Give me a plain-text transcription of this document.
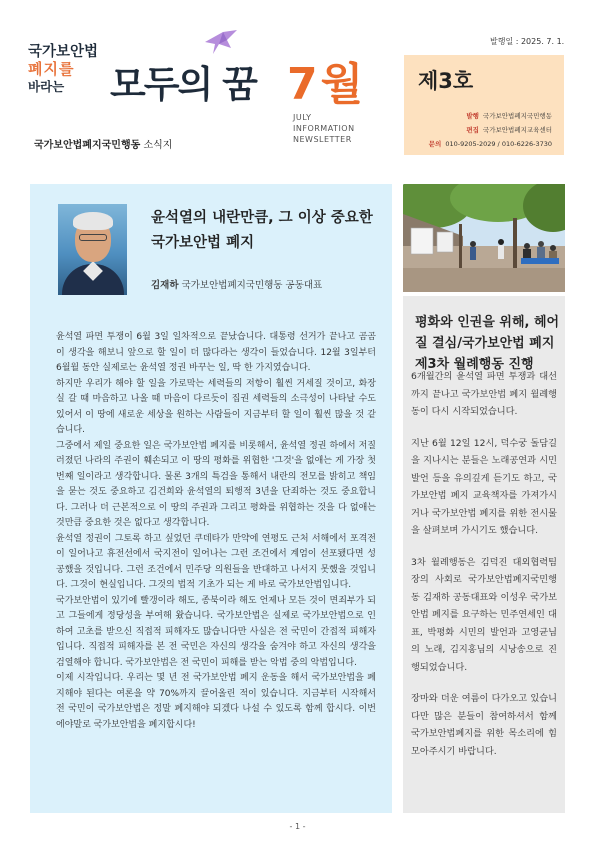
발행일 : 2025. 7. 1.
국가보안법
폐지를
바라는	모두의 꿈 7월
JULY
INFORMATION
NEWSLETTER
국가보안법폐지국민행동 소식지
제3호
발행 국가보안법폐지국민행동
편집 국가보안법폐지교육센터
문의 010-9205-2029 / 010-6226-3730
윤석열의 내란만큼, 그 이상 중요한 국가보안법 폐지
김재하 국가보안법폐지국민행동 공동대표

윤석열 파면 투쟁이 6월 3일 일차적으로 끝났습니다. 대통령 선거가 끝나고 곰곰이 생각을 해보니 앞으로 할 일이 더 많다라는 생각이 들었습니다. 12월 3일부터 6월월 동안 실제로는 윤석열 정권 바꾸는 일, 딱 한 가지였습니다.

하지만 우리가 해야 할 일을 가로막는 세력들의 저항이 훨씬 거세질 것이고, 화장실 갈 때 마음하고 나올 때 마음이 다르듯이 집권 세력들의 소극성이 나타날 수도 있어서 이 땅에 새로운 세상을 원하는 사람들이 지금부터 할 일이 훨씬 많을 것 같습니다.

그중에서 제일 중요한 일은 국가보안법 폐지를 비롯해서, 윤석열 정권 하에서 저질러졌던 나라의 주권이 훼손되고 이 땅의 평화를 위협한 '그것'을 없애는 게 가장 첫 번째 일이라고 생각합니다. 물론 3개의 특검을 통해서 내란의 전모를 밝히고 책임을 묻는 것도 중요하고 김건희와 윤석열의 퇴행적 3년을 단죄하는 것도 중요합니다. 그러나 더 근본적으로 이 땅의 주권과 그리고 평화를 위협하는 것을 다 없애는 것만큼 중요한 것은 없다고 생각합니다.

윤석열 정권이 그토록 하고 싶었던 쿠데타가 만약에 연평도 근처 서해에서 포격전이 일어나고 휴전선에서 국지전이 일어나는 그런 조건에서 계엄이 선포됐다면 성공했을 것입니다. 그런 조건에서 민주당 의원들을 반대하고 나서지 못했을 것입니다. 그것이 현실입니다. 그것의 법적 기초가 되는 게 바로 국가보안법입니다.

국가보안법이 있기에 빨갱이라 해도, 종북이라 해도 언제나 모든 것이 면죄부가 되고 그들에게 정당성을 부여해 왔습니다. 국가보안법은 실제로 국가보안법으로 인하여 고초를 받으신 직접적 피해자도 많습니다만 사실은 전 국민이 간접적 피해자입니다. 직접적 피해자를 본 전 국민은 자신의 생각을 숨겨야 하고 자신의 생각을 검열해야 합니다. 국가보안법은 전 국민이 피해를 받는 악법 중의 악법입니다.

이제 시작입니다. 우리는 몇 년 전 국가보안법 폐지 운동을 해서 국가보안법을 폐지해야 된다는 여론을 약 70%까지 끌어올린 적이 있습니다. 지금부터 시작해서 전 국민이 국가보안법은 정말 폐지해야 되겠다 나설 수 있도록 함께 합시다. 이번에야말로 국가보안법을 폐지합시다!

평화와 인권을 위해, 헤어질 결심/국가보안법 폐지 제3차 월례행동 진행

6개월간의 윤석열 파면 투쟁과 대선까지 끝나고 국가보안법 폐지 월례행동이 다시 시작되었습니다.

지난 6월 12일 12시, 덕수궁 돌담길을 지나시는 분들은 노래공연과 시민발언 등을 유의깊게 듣기도 하고, 국가보안법 폐지 교육책자를 가져가시거나 국가보안법 폐지를 위한 전시물을 살펴보며 가시기도 했습니다.

3차 월례행동은 김덕진 대외협력팀장의 사회로 국가보안법폐지국민행동 김재하 공동대표와 이성우 국가보안법 폐지를 요구하는 민주연세인 대표, 박평화 시민의 발언과 고영균님의 노래, 김지홍님의 시낭송으로 진행되었습니다.

장마와 더운 여름이 다가오고 있습니다만 많은 분들이 참여하셔서 함께 국가보안법폐지를 위한 목소리에 힘모아주시기 바랍니다.

- 1 -
